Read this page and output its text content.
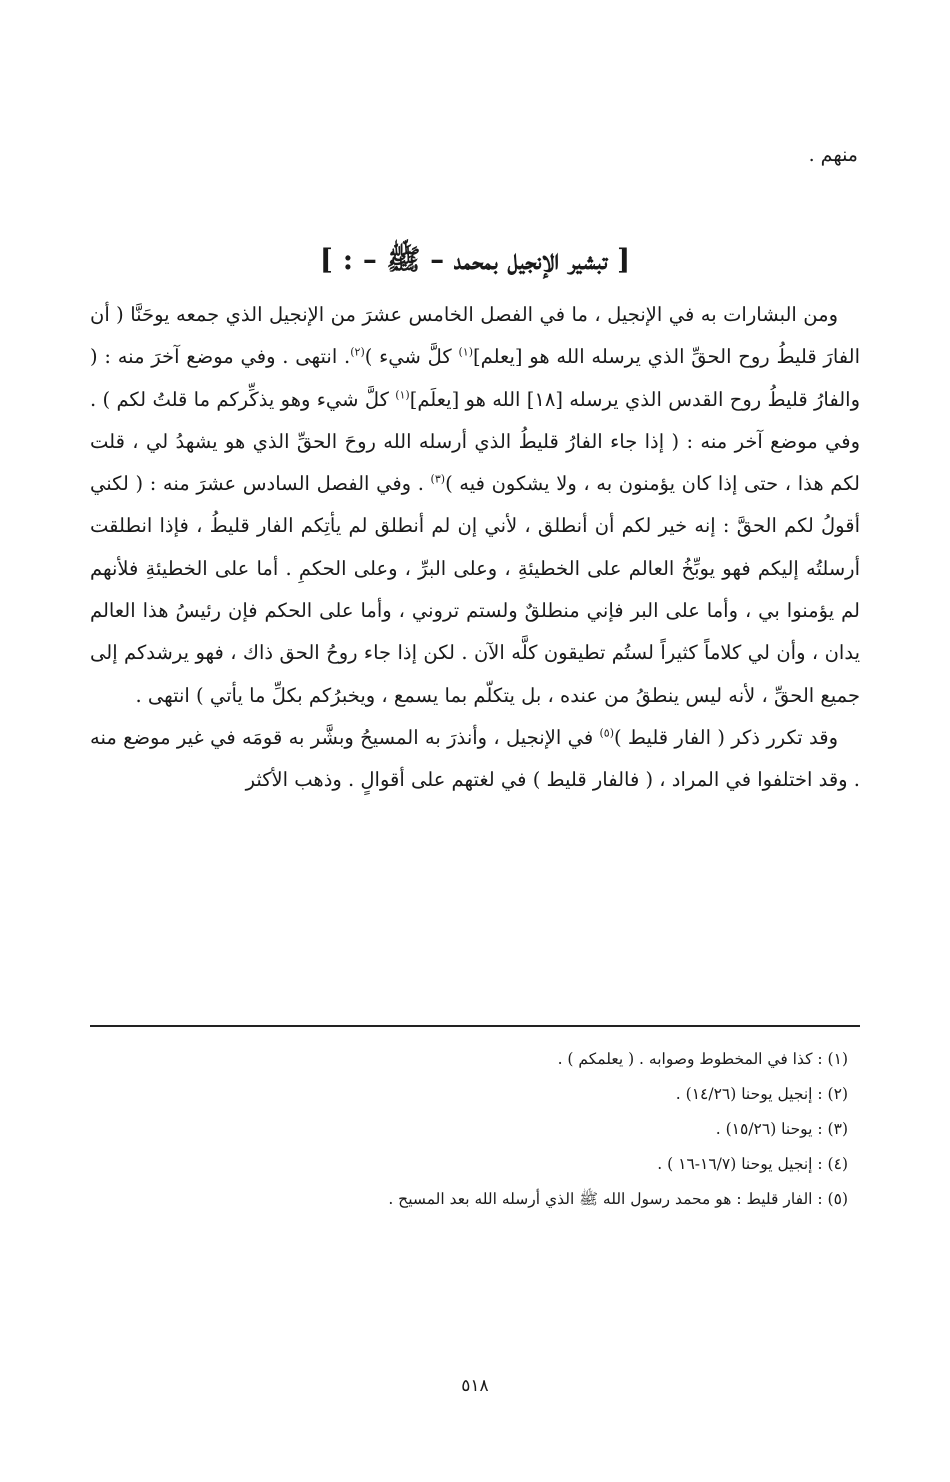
منهم .
[ تبشير الإنجيل بمحمد – ﷺ – : ]

ومن البشارات به في الإنجيل ، ما في الفصل الخامس عشرَ من الإنجيل الذي جمعه يوحَنَّا ( أن الفارَ قليطُ روح الحقِّ الذي يرسله الله هو [يعلم]$^{(١)}$ كلَّ شيء )$^{(٢)}$. انتهى . وفي موضع آخرَ منه : ( والفارُ قليطُ روح القدس الذي يرسله [١٨] الله هو [يعلَم]$^{(١)}$ كلَّ شيء وهو يذكِّركم ما قلتُ لكم ) . وفي موضع آخر منه : ( إذا جاء الفارُ قليطُ الذي أرسله الله روحَ الحقِّ الذي هو يشهدُ لي ، قلت لكم هذا ، حتى إذا كان يؤمنون به ، ولا يشكون فيه )$^{(٣)}$ . وفي الفصل السادس عشرَ منه : ( لكني أقولُ لكم الحقَّ : إنه خير لكم أن أنطلق ، لأني إن لم أنطلق لم يأتِكم الفار قليطُ ، فإذا انطلقت أرسلتُه إليكم فهو يوبِّخُ العالم على الخطيئةِ ، وعلى البرِّ ، وعلى الحكمِ . أما على الخطيئةِ فلأنهم لم يؤمنوا بي ، وأما على البر فإني منطلقٌ ولستم تروني ، وأما على الحكم فإن رئيسُ هذا العالم يدان ، وأن لي كلاماً كثيراً لستُم تطيقون كلَّه الآن . لكن إذا جاء روحُ الحق ذاك ، فهو يرشدكم إلى جميع الحقِّ ، لأنه ليس ينطقُ من عنده ، بل يتكلّم بما يسمع ، ويخبرُكم بكلِّ ما يأتي ) انتهى .

وقد تكرر ذكر ( الفار قليط )$^{(٥)}$ في الإنجيل ، وأنذرَ به المسيحُ وبشَّر به قومَه في غير موضع منه . وقد اختلفوا في المراد ، ( فالفار قليط ) في لغتهم على أقوالٍ . وذهب الأكثر

(١) : كذا في المخطوط وصوابه . ( يعلمكم ) .

(٢) : إنجيل يوحنا (١٤/٢٦) .

(٣) : يوحنا (١٥/٢٦) .

(٤) : إنجيل يوحنا (١٦/٧-١٦ ) .

(٥) : الفار قليط : هو محمد رسول الله ﷺ الذي أرسله الله بعد المسيح .

٥١٨
